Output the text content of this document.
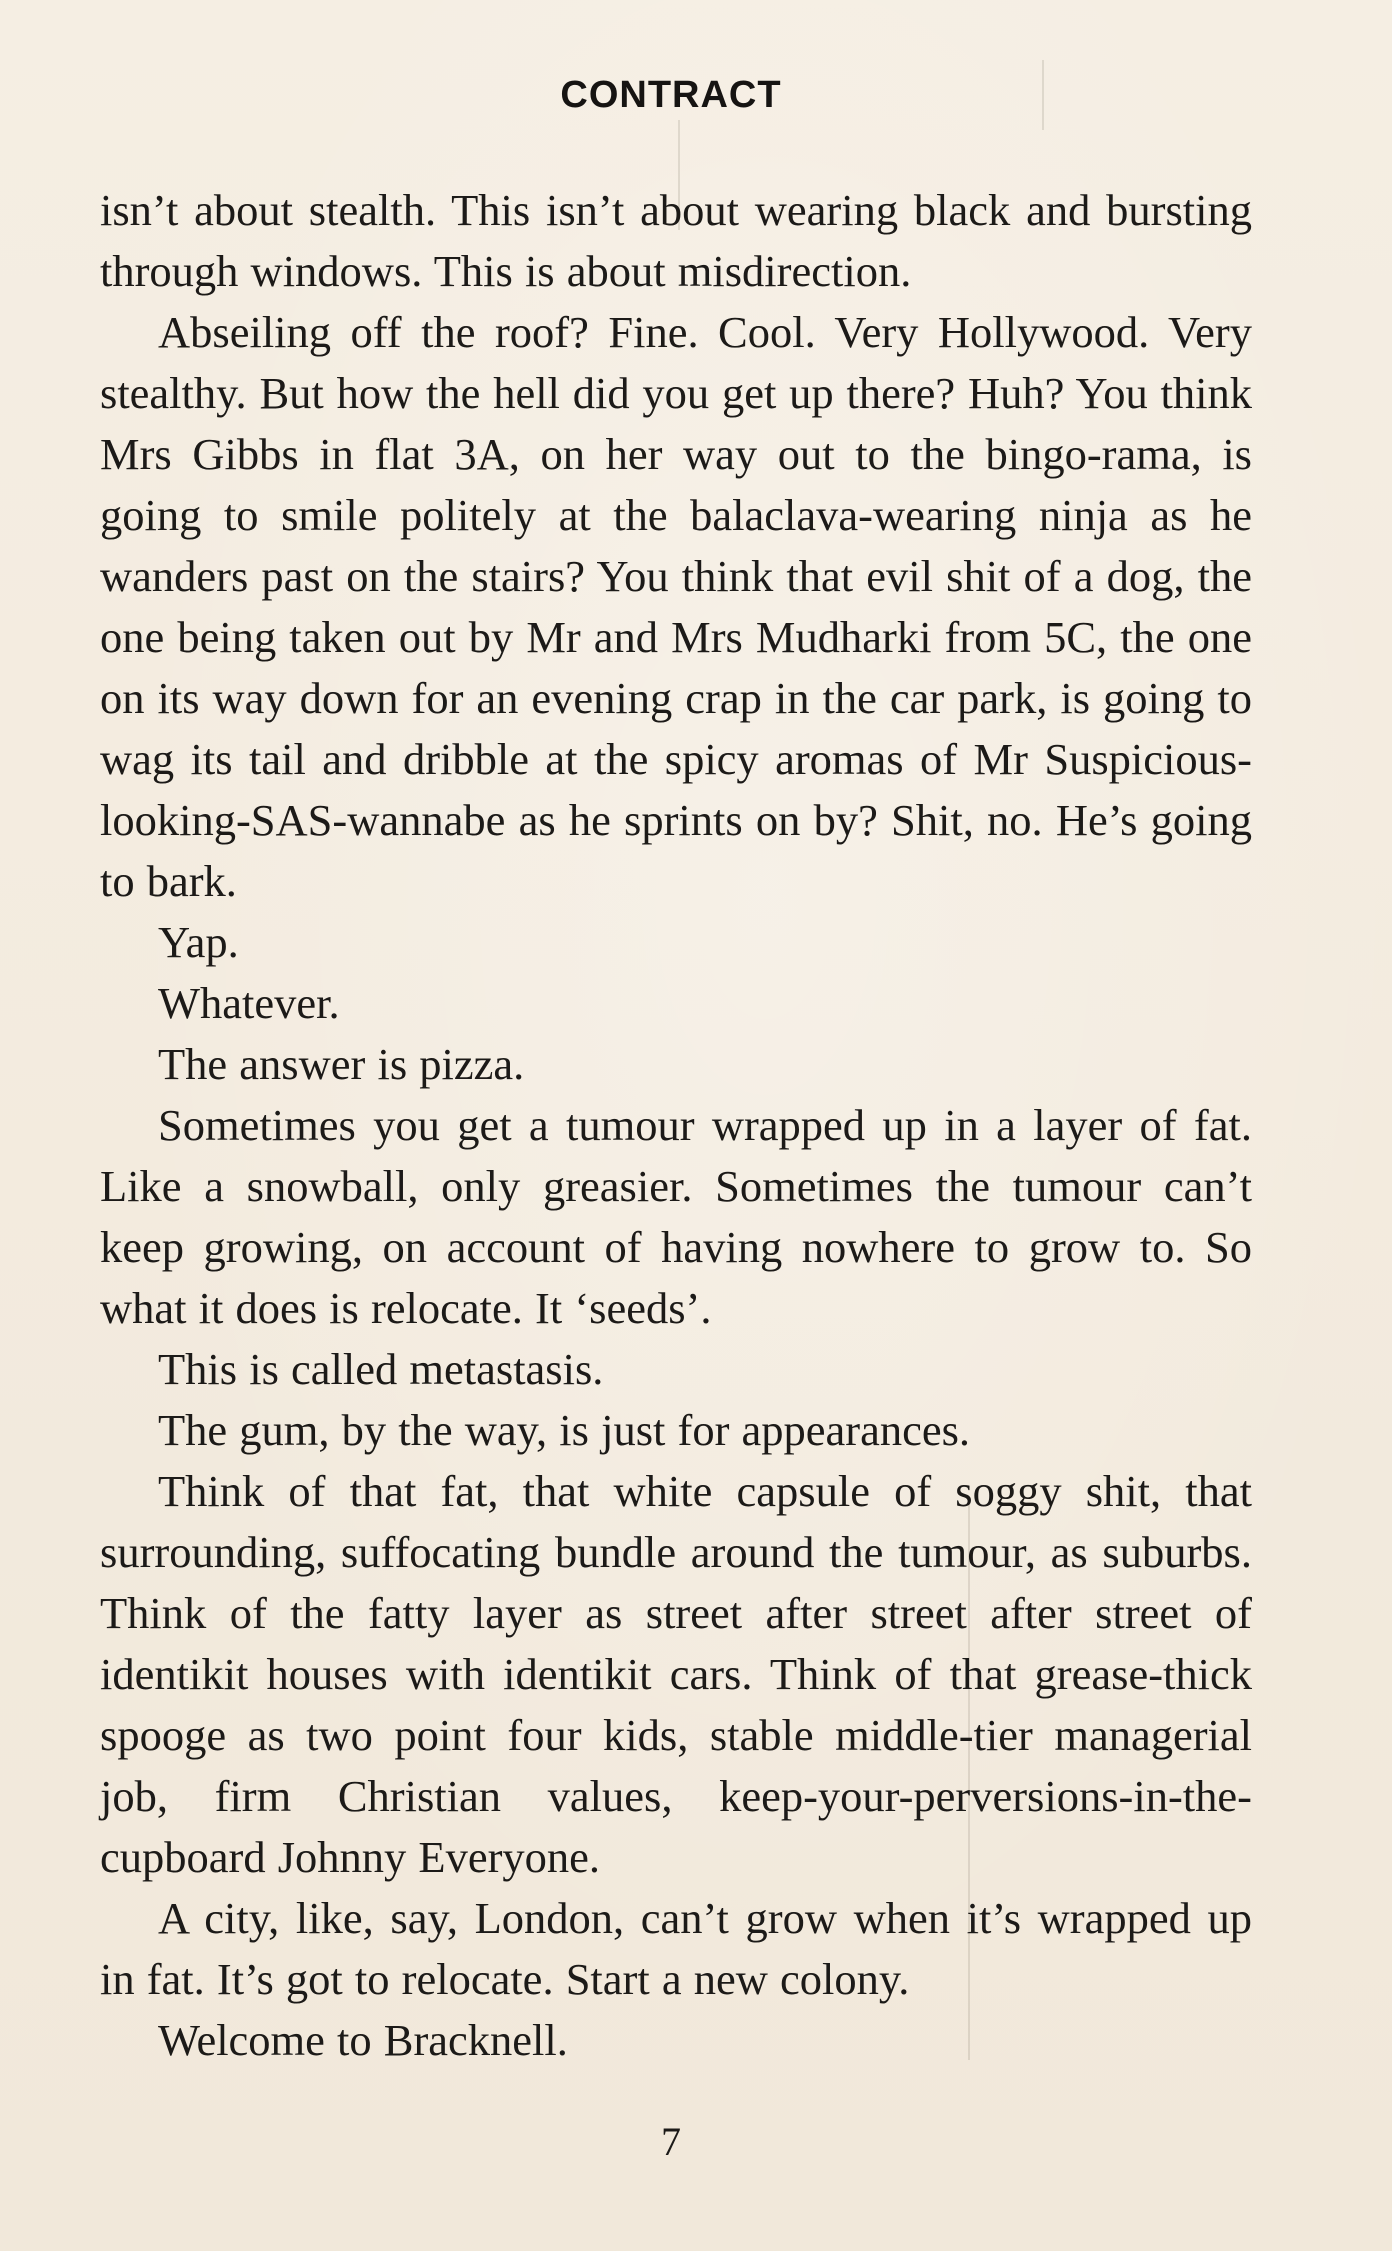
CONTRACT

isn’t about stealth. This isn’t about wearing black and bursting through windows. This is about misdirection.

Abseiling off the roof? Fine. Cool. Very Hollywood. Very stealthy. But how the hell did you get up there? Huh? You think Mrs Gibbs in flat 3A, on her way out to the bingo-rama, is going to smile politely at the balaclava-wearing ninja as he wanders past on the stairs? You think that evil shit of a dog, the one being taken out by Mr and Mrs Mudharki from 5C, the one on its way down for an evening crap in the car park, is going to wag its tail and dribble at the spicy aromas of Mr Suspicious-looking-SAS-wannabe as he sprints on by? Shit, no. He’s going to bark.

Yap.

Whatever.

The answer is pizza.

Sometimes you get a tumour wrapped up in a layer of fat. Like a snowball, only greasier. Sometimes the tumour can’t keep growing, on account of having nowhere to grow to. So what it does is relocate. It ‘seeds’.

This is called metastasis.

The gum, by the way, is just for appearances.

Think of that fat, that white capsule of soggy shit, that surrounding, suffocating bundle around the tumour, as suburbs. Think of the fatty layer as street after street after street of identikit houses with identikit cars. Think of that grease-thick spooge as two point four kids, stable middle-tier managerial job, firm Christian values, keep-your-perversions-in-the-cupboard Johnny Everyone.

A city, like, say, London, can’t grow when it’s wrapped up in fat. It’s got to relocate. Start a new colony.

Welcome to Bracknell.

7
